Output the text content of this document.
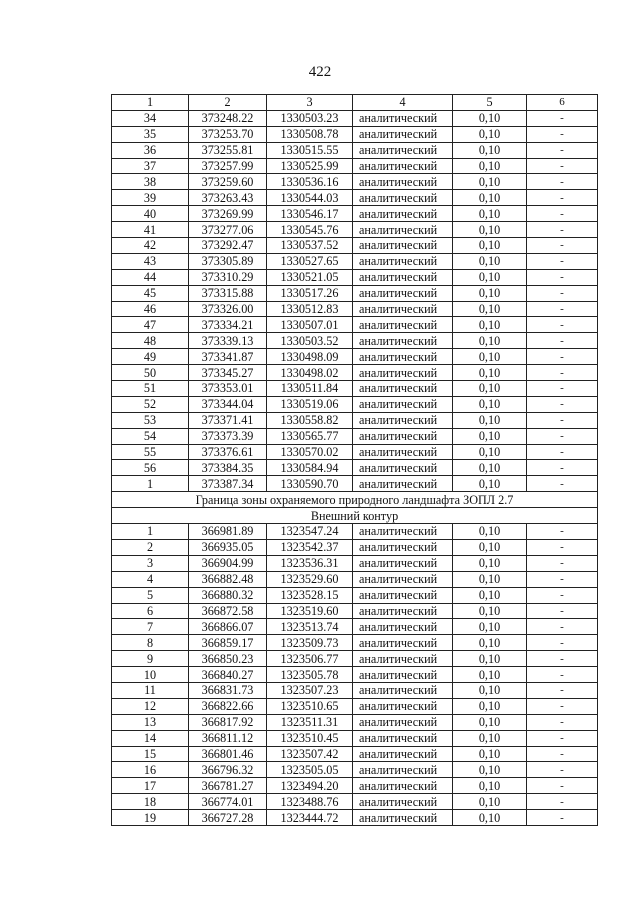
422
1	2	3	4	5	6
34	373248.22	1330503.23	аналитический	0,10	-
35	373253.70	1330508.78	аналитический	0,10	-
36	373255.81	1330515.55	аналитический	0,10	-
37	373257.99	1330525.99	аналитический	0,10	-
38	373259.60	1330536.16	аналитический	0,10	-
39	373263.43	1330544.03	аналитический	0,10	-
40	373269.99	1330546.17	аналитический	0,10	-
41	373277.06	1330545.76	аналитический	0,10	-
42	373292.47	1330537.52	аналитический	0,10	-
43	373305.89	1330527.65	аналитический	0,10	-
44	373310.29	1330521.05	аналитический	0,10	-
45	373315.88	1330517.26	аналитический	0,10	-
46	373326.00	1330512.83	аналитический	0,10	-
47	373334.21	1330507.01	аналитический	0,10	-
48	373339.13	1330503.52	аналитический	0,10	-
49	373341.87	1330498.09	аналитический	0,10	-
50	373345.27	1330498.02	аналитический	0,10	-
51	373353.01	1330511.84	аналитический	0,10	-
52	373344.04	1330519.06	аналитический	0,10	-
53	373371.41	1330558.82	аналитический	0,10	-
54	373373.39	1330565.77	аналитический	0,10	-
55	373376.61	1330570.02	аналитический	0,10	-
56	373384.35	1330584.94	аналитический	0,10	-
1	373387.34	1330590.70	аналитический	0,10	-
Граница зоны охраняемого природного ландшафта ЗОПЛ 2.7					
Внешний контур					
1	366981.89	1323547.24	аналитический	0,10	-
2	366935.05	1323542.37	аналитический	0,10	-
3	366904.99	1323536.31	аналитический	0,10	-
4	366882.48	1323529.60	аналитический	0,10	-
5	366880.32	1323528.15	аналитический	0,10	-
6	366872.58	1323519.60	аналитический	0,10	-
7	366866.07	1323513.74	аналитический	0,10	-
8	366859.17	1323509.73	аналитический	0,10	-
9	366850.23	1323506.77	аналитический	0,10	-
10	366840.27	1323505.78	аналитический	0,10	-
11	366831.73	1323507.23	аналитический	0,10	-
12	366822.66	1323510.65	аналитический	0,10	-
13	366817.92	1323511.31	аналитический	0,10	-
14	366811.12	1323510.45	аналитический	0,10	-
15	366801.46	1323507.42	аналитический	0,10	-
16	366796.32	1323505.05	аналитический	0,10	-
17	366781.27	1323494.20	аналитический	0,10	-
18	366774.01	1323488.76	аналитический	0,10	-
19	366727.28	1323444.72	аналитический	0,10	-
